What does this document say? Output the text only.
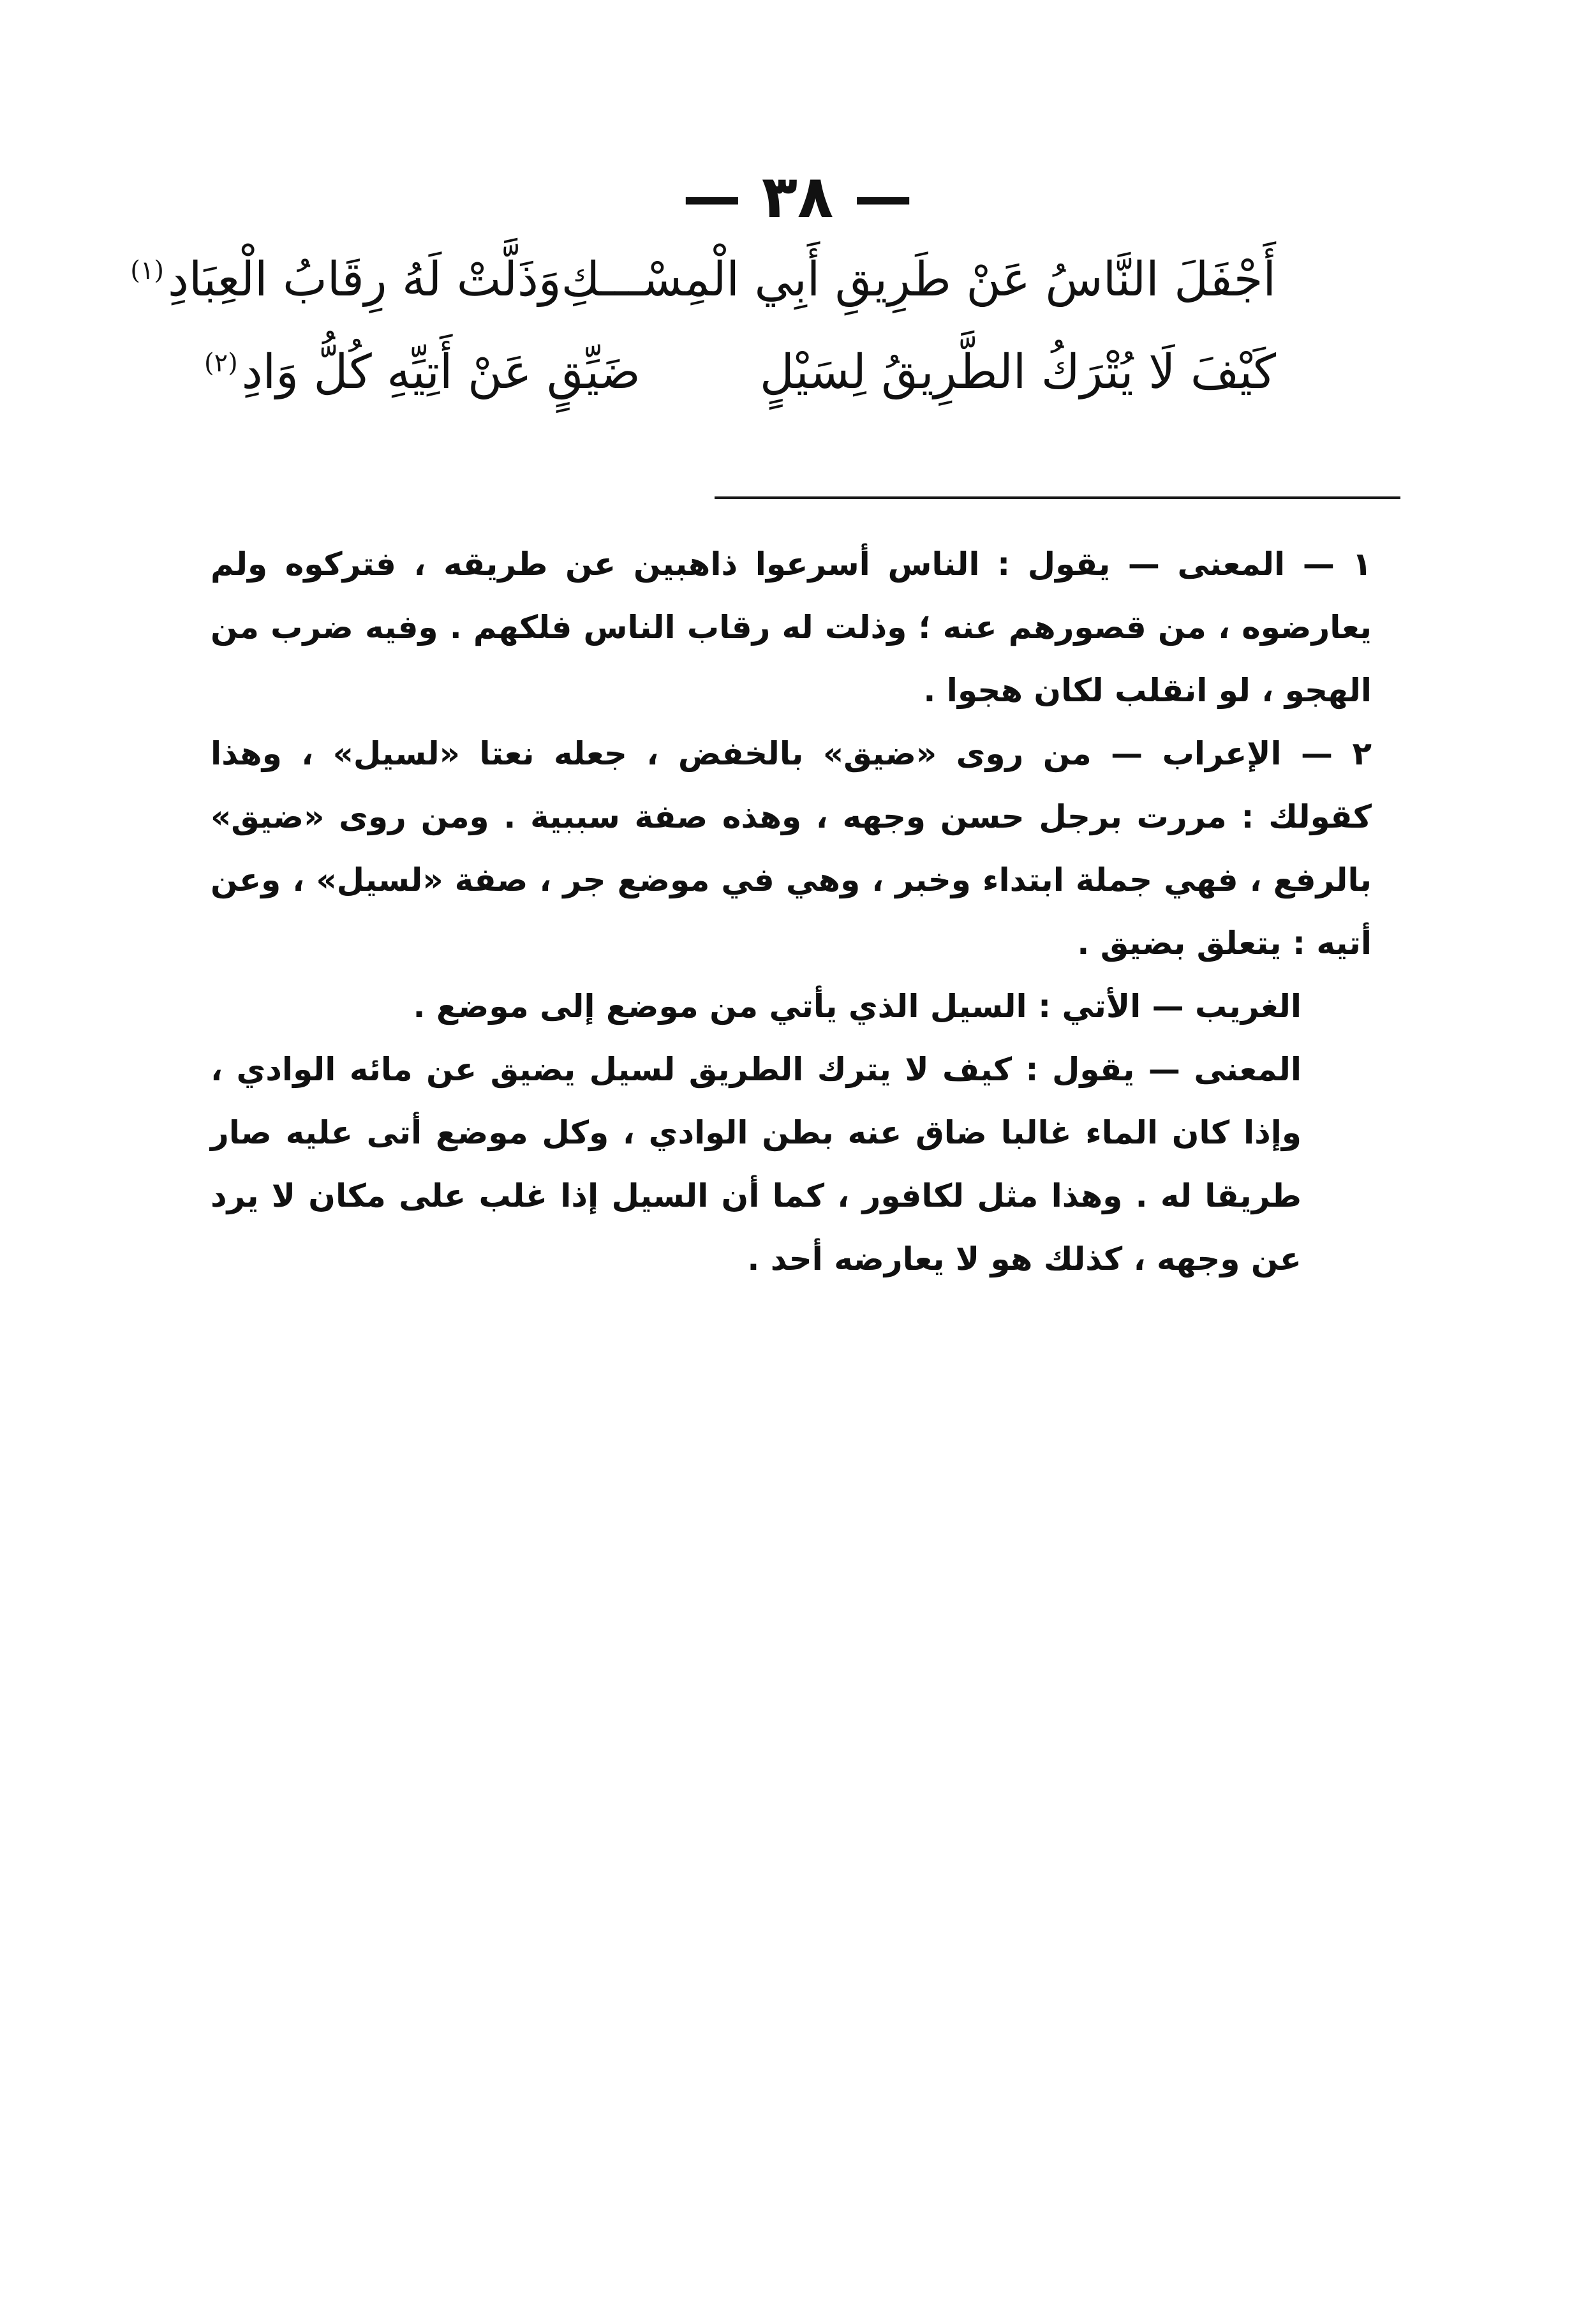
— ٣٨ —
أَجْفَلَ النَّاسُ عَنْ طَرِيقِ أَبِي الْمِسْـــكِ
وَذَلَّتْ لَهُ رِقَابُ الْعِبَادِ$^{(١)}$
كَيْفَ لَا يُتْرَكُ الطَّرِيقُ لِسَيْلٍ
ضَيِّقٍ عَنْ أَتِيِّهِ كُلُّ وَادِ$^{(٢)}$

١ — المعنى — يقول : الناس أسرعوا ذاهبين عن طريقه ، فتركوه ولم يعارضوه ، من قصورهم عنه ؛ وذلت له رقاب الناس فلكهم . وفيه ضرب من الهجو ، لو انقلب لكان هجوا .

٢ — الإعراب — من روى «ضيق» بالخفض ، جعله نعتا «لسيل» ، وهذا كقولك : مررت برجل حسن وجهه ، وهذه صفة سببية . ومن روى «ضيق» بالرفع ، فهي جملة ابتداء وخبر ، وهي في موضع جر ، صفة «لسيل» ، وعن أتيه : يتعلق بضيق .

الغريب — الأتي : السيل الذي يأتي من موضع إلى موضع .

المعنى — يقول : كيف لا يترك الطريق لسيل يضيق عن مائه الوادي ، وإذا كان الماء غالبا ضاق عنه بطن الوادي ، وكل موضع أتى عليه صار طريقا له . وهذا مثل لكافور ، كما أن السيل إذا غلب على مكان لا يرد عن وجهه ، كذلك هو لا يعارضه أحد .
